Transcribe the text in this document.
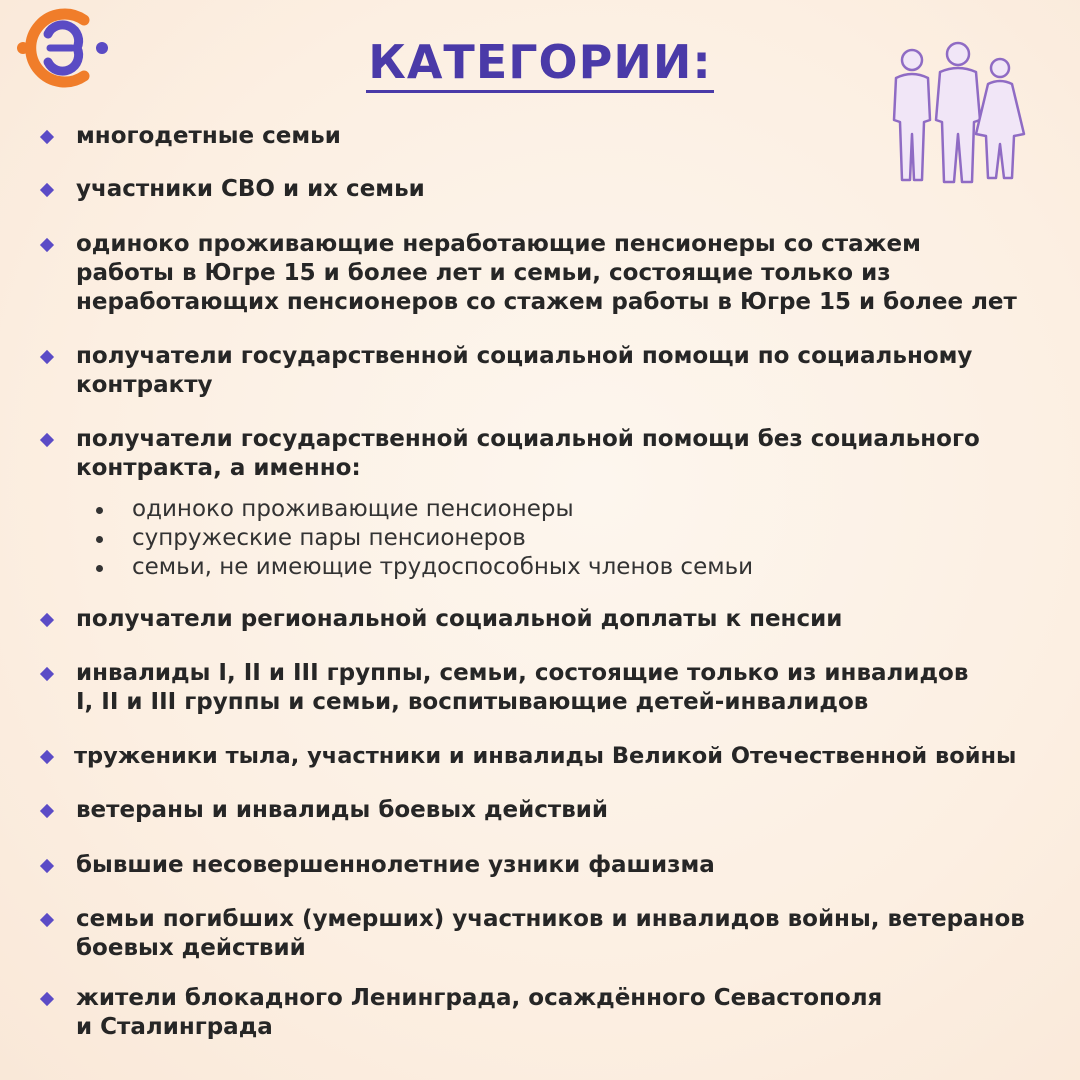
КАТЕГОРИИ:
многодетные семьи
участники СВО и их семьи
одиноко проживающие неработающие пенсионеры со стажем
работы в Югре 15 и более лет и семьи, состоящие только из
неработающих пенсионеров со стажем работы в Югре 15 и более лет
получатели государственной социальной помощи по социальному
контракту
получатели государственной социальной помощи без социального
контракта, а именно:
одиноко проживающие пенсионеры
супружеские пары пенсионеров
семьи, не имеющие трудоспособных членов семьи
получатели региональной социальной доплаты к пенсии
инвалиды I, II и III группы, семьи, состоящие только из инвалидов
I, II и III группы и семьи, воспитывающие детей-инвалидов
труженики тыла, участники и инвалиды Великой Отечественной войны
ветераны и инвалиды боевых действий
бывшие несовершеннолетние узники фашизма
семьи погибших (умерших) участников и инвалидов войны, ветеранов
боевых действий
жители блокадного Ленинграда, осаждённого Севастополя
и Сталинграда
